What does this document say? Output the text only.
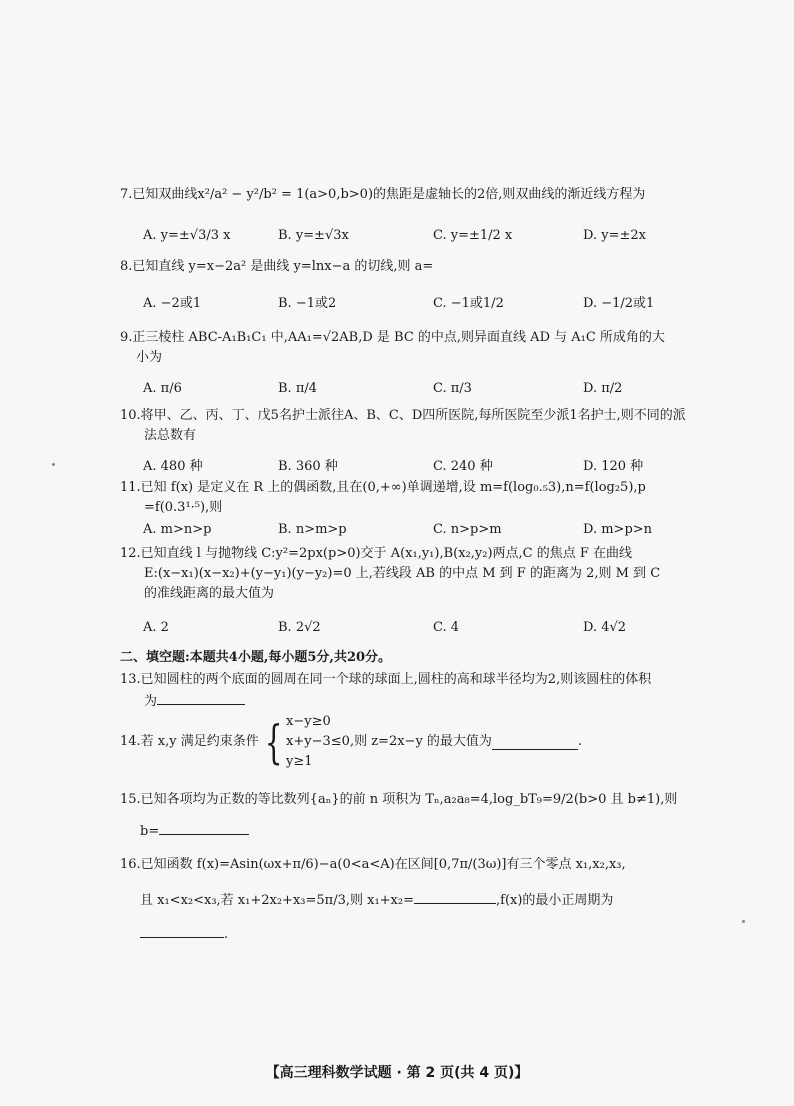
7.已知双曲线x²/a² − y²/b² = 1(a>0,b>0)的焦距是虚轴长的2倍,则双曲线的渐近线方程为
A. y=±√3/3 x	B. y=±√3x	C. y=±1/2 x	D. y=±2x
8.已知直线 y=x−2a² 是曲线 y=lnx−a 的切线,则 a=
A. −2或1	B. −1或2	C. −1或1/2	D. −1/2或1
9.正三棱柱 ABC-A₁B₁C₁ 中,AA₁=√2AB,D 是 BC 的中点,则异面直线 AD 与 A₁C 所成角的大
小为
A. π/6	B. π/4	C. π/3	D. π/2
10.将甲、乙、丙、丁、戊5名护士派往A、B、C、D四所医院,每所医院至少派1名护士,则不同的派
法总数有
A. 480 种	B. 360 种	C. 240 种	D. 120 种
11.已知 f(x) 是定义在 R 上的偶函数,且在(0,+∞)单调递增,设 m=f(log₀.₅3),n=f(log₂5),p
=f(0.3¹·⁵),则
A. m>n>p	B. n>m>p	C. n>p>m	D. m>p>n
12.已知直线 l 与抛物线 C:y²=2px(p>0)交于 A(x₁,y₁),B(x₂,y₂)两点,C 的焦点 F 在曲线
E:(x−x₁)(x−x₂)+(y−y₁)(y−y₂)=0 上,若线段 AB 的中点 M 到 F 的距离为 2,则 M 到 C
的准线距离的最大值为
A. 2	B. 2√2	C. 4	D. 4√2
二、填空题:本题共4小题,每小题5分,共20分。
13.已知圆柱的两个底面的圆周在同一个球的球面上,圆柱的高和球半径均为2,则该圆柱的体积
为
14.若 x,y 满足约束条件 { x−y≥0
x+y−3≤0
y≥1
,则 z=2x−y 的最大值为	.
15.已知各项均为正数的等比数列{aₙ}的前 n 项积为 Tₙ,a₂a₈=4,log_bT₉=9/2(b>0 且 b≠1),则
b=
16.已知函数 f(x)=Asin(ωx+π/6)−a(0<a<A)在区间[0,7π/(3ω)]有三个零点 x₁,x₂,x₃,
且 x₁<x₂<x₃,若 x₁+2x₂+x₃=5π/3,则 x₁+x₂=	,f(x)的最小正周期为
.
【高三理科数学试题 · 第 2 页(共 4 页)】
